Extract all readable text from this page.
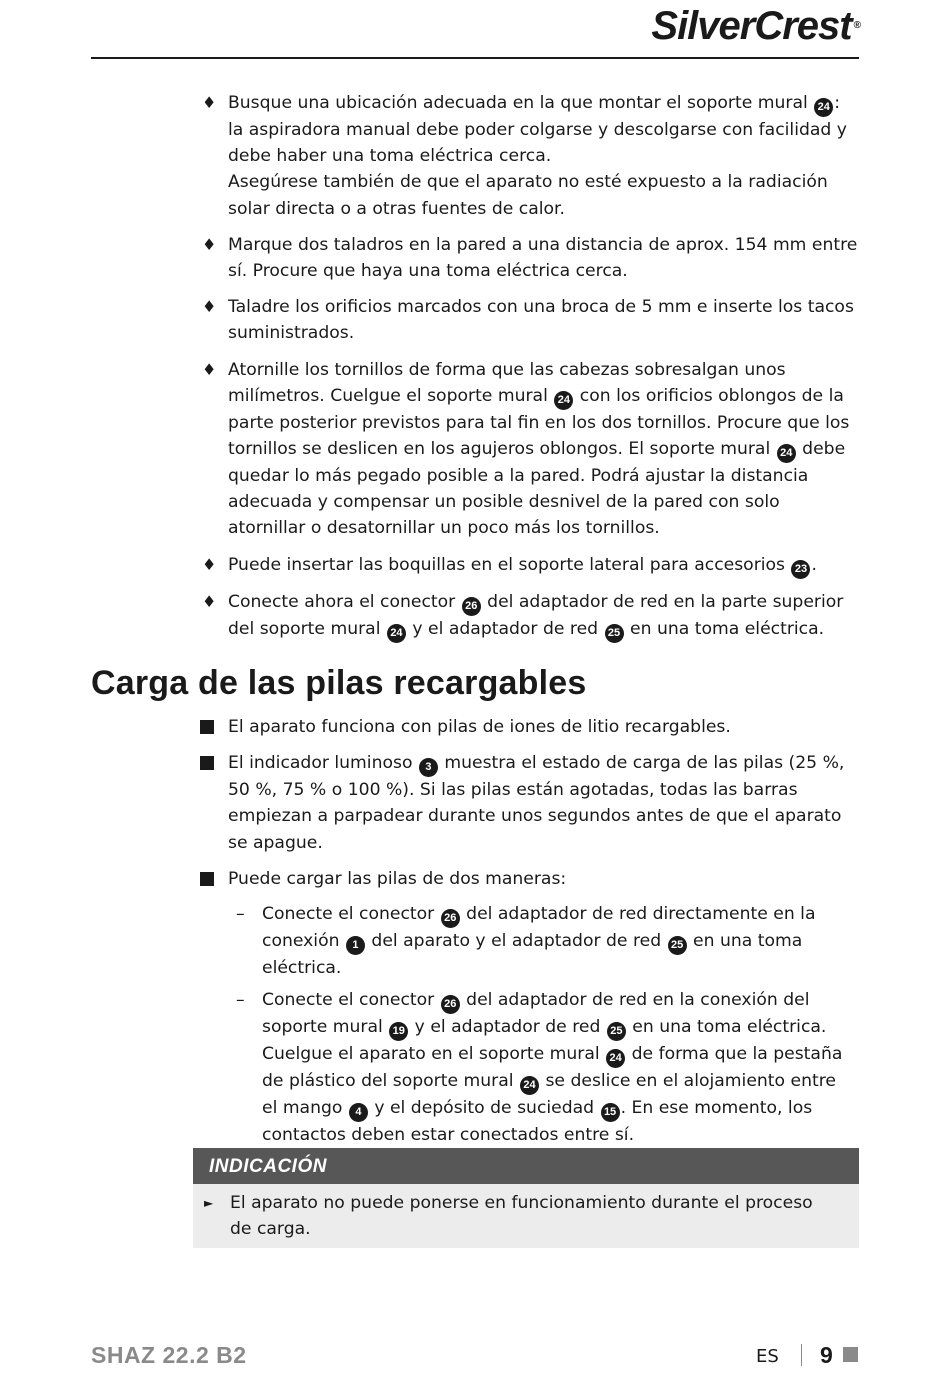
SilverCrest ®
♦ Busque una ubicación adecuada en la que montar el soporte mural 24 :
la aspiradora manual debe poder colgarse y descolgarse con facilidad y debe haber una toma eléctrica cerca.
Asegúrese también de que el aparato no esté expuesto a la radiación solar directa o a otras fuentes de calor.
♦ Marque dos taladros en la pared a una distancia de aprox. 154 mm entre sí. Procure que haya una toma eléctrica cerca.
♦ Taladre los orificios marcados con una broca de 5 mm e inserte los tacos suministrados.
♦ Atornille los tornillos de forma que las cabezas sobresalgan unos milímetros. Cuelgue el soporte mural 24 con los orificios oblongos de la parte posterior previstos para tal fin en los dos tornillos. Procure que los tornillos se deslicen en los agujeros oblongos. El soporte mural 24 debe quedar lo más pegado posible a la pared. Podrá ajustar la distancia adecuada y compensar un posible desnivel de la pared con solo atornillar o desatornillar un poco más los tornillos.
♦ Puede insertar las boquillas en el soporte lateral para accesorios 23 .
♦ Conecte ahora el conector 26 del adaptador de red en la parte superior del soporte mural 24 y el adaptador de red 25 en una toma eléctrica.
Carga de las pilas recargables
El aparato funciona con pilas de iones de litio recargables.
El indicador luminoso 3 muestra el estado de carga de las pilas (25 %, 50 %, 75 % o 100 %). Si las pilas están agotadas, todas las barras empiezan a parpadear durante unos segundos antes de que el aparato se apague.
Puede cargar las pilas de dos maneras:
– Conecte el conector 26 del adaptador de red directamente en la conexión 1 del aparato y el adaptador de red 25 en una toma eléctrica.
– Conecte el conector 26 del adaptador de red en la conexión del soporte mural 19 y el adaptador de red 25 en una toma eléctrica. Cuelgue el aparato en el soporte mural 24 de forma que la pestaña de plástico del soporte mural 24 se deslice en el alojamiento entre el mango 4 y el depósito de suciedad 15 . En ese momento, los contactos deben estar conectados entre sí.
INDICACIÓN
► El aparato no puede ponerse en funcionamiento durante el proceso de carga.
SHAZ 22.2 B2	ES 9
